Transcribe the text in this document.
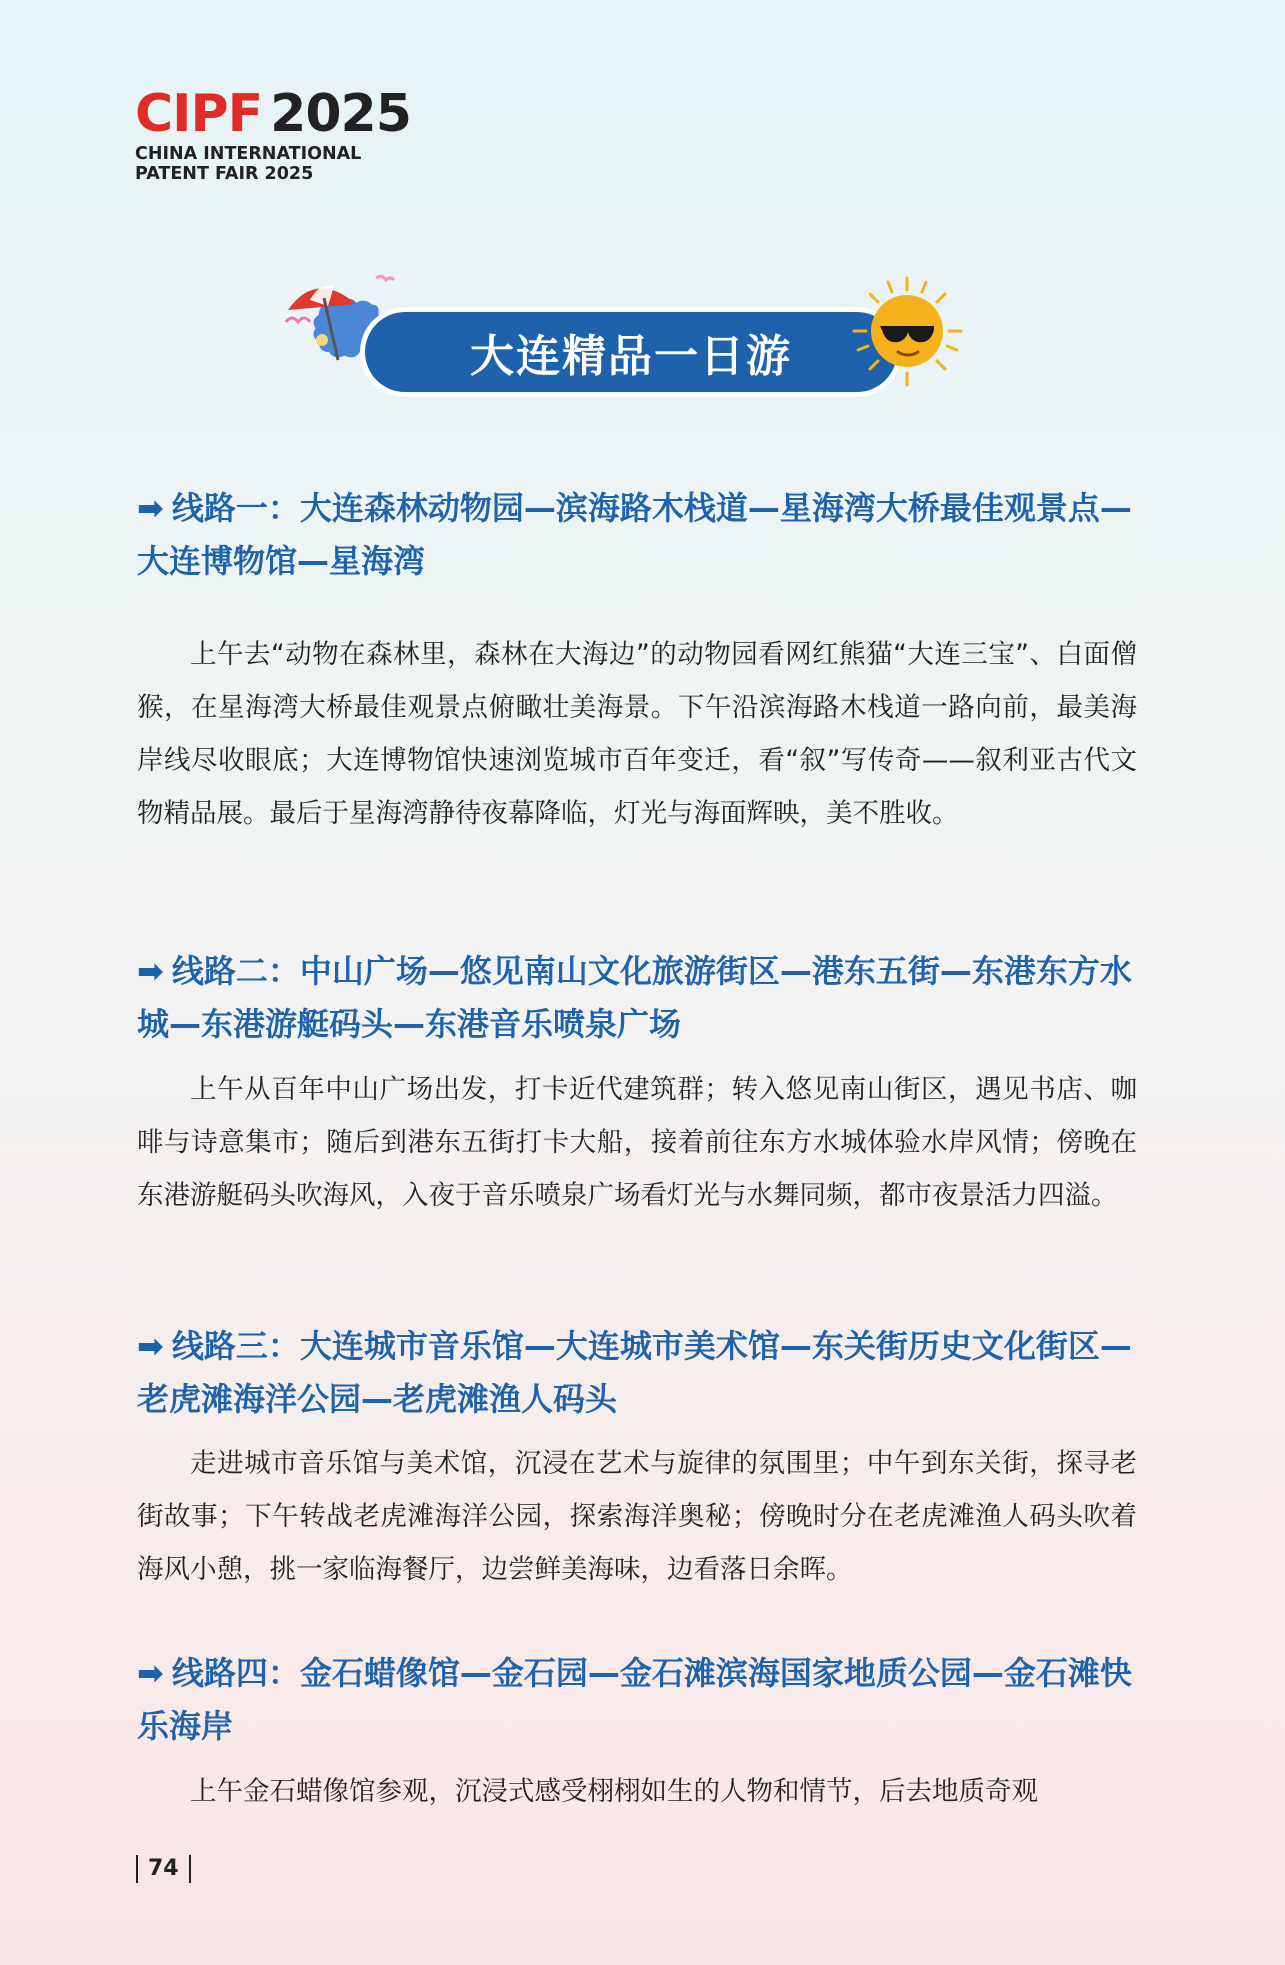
CIPF 2025
CHINA INTERNATIONAL
PATENT FAIR 2025
大连精品一日游
➡ 线路一：大连森林动物园—滨海路木栈道—星海湾大桥最佳观景点—大连博物馆—星海湾
上午去“动物在森林里，森林在大海边”的动物园看网红熊猫“大连三宝”、白面僧猴，在星海湾大桥最佳观景点俯瞰壮美海景。下午沿滨海路木栈道一路向前，最美海岸线尽收眼底；大连博物馆快速浏览城市百年变迁，看“叙”写传奇——叙利亚古代文物精品展。最后于星海湾静待夜幕降临，灯光与海面辉映，美不胜收。
➡ 线路二：中山广场—悠见南山文化旅游街区—港东五街—东港东方水城—东港游艇码头—东港音乐喷泉广场
上午从百年中山广场出发，打卡近代建筑群；转入悠见南山街区，遇见书店、咖啡与诗意集市；随后到港东五街打卡大船，接着前往东方水城体验水岸风情；傍晚在东港游艇码头吹海风，入夜于音乐喷泉广场看灯光与水舞同频，都市夜景活力四溢。
➡ 线路三：大连城市音乐馆—大连城市美术馆—东关街历史文化街区—老虎滩海洋公园—老虎滩渔人码头
走进城市音乐馆与美术馆，沉浸在艺术与旋律的氛围里；中午到东关街，探寻老街故事；下午转战老虎滩海洋公园，探索海洋奥秘；傍晚时分在老虎滩渔人码头吹着海风小憩，挑一家临海餐厅，边尝鲜美海味，边看落日余晖。
➡ 线路四：金石蜡像馆—金石园—金石滩滨海国家地质公园—金石滩快乐海岸
上午金石蜡像馆参观，沉浸式感受栩栩如生的人物和情节，后去地质奇观
74
